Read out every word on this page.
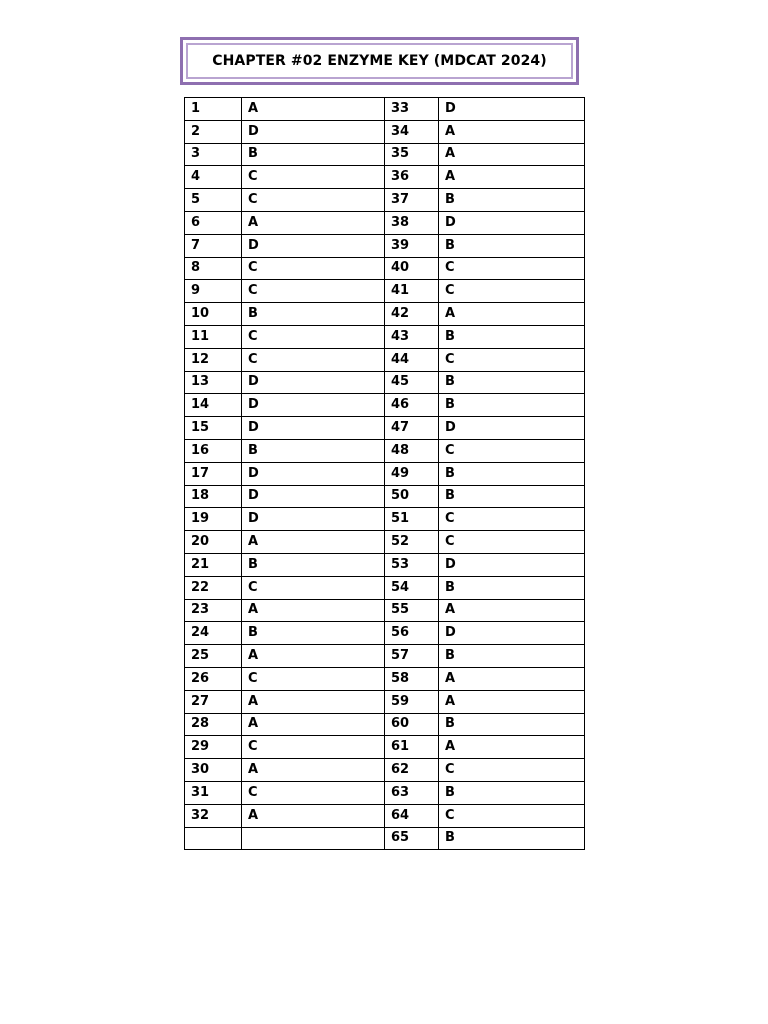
CHAPTER #02 ENZYME KEY (MDCAT 2024)
1	A	33	D
2	D	34	A
3	B	35	A
4	C	36	A
5	C	37	B
6	A	38	D
7	D	39	B
8	C	40	C
9	C	41	C
10	B	42	A
11	C	43	B
12	C	44	C
13	D	45	B
14	D	46	B
15	D	47	D
16	B	48	C
17	D	49	B
18	D	50	B
19	D	51	C
20	A	52	C
21	B	53	D
22	C	54	B
23	A	55	A
24	B	56	D
25	A	57	B
26	C	58	A
27	A	59	A
28	A	60	B
29	C	61	A
30	A	62	C
31	C	63	B
32	A	64	C
		65	B
